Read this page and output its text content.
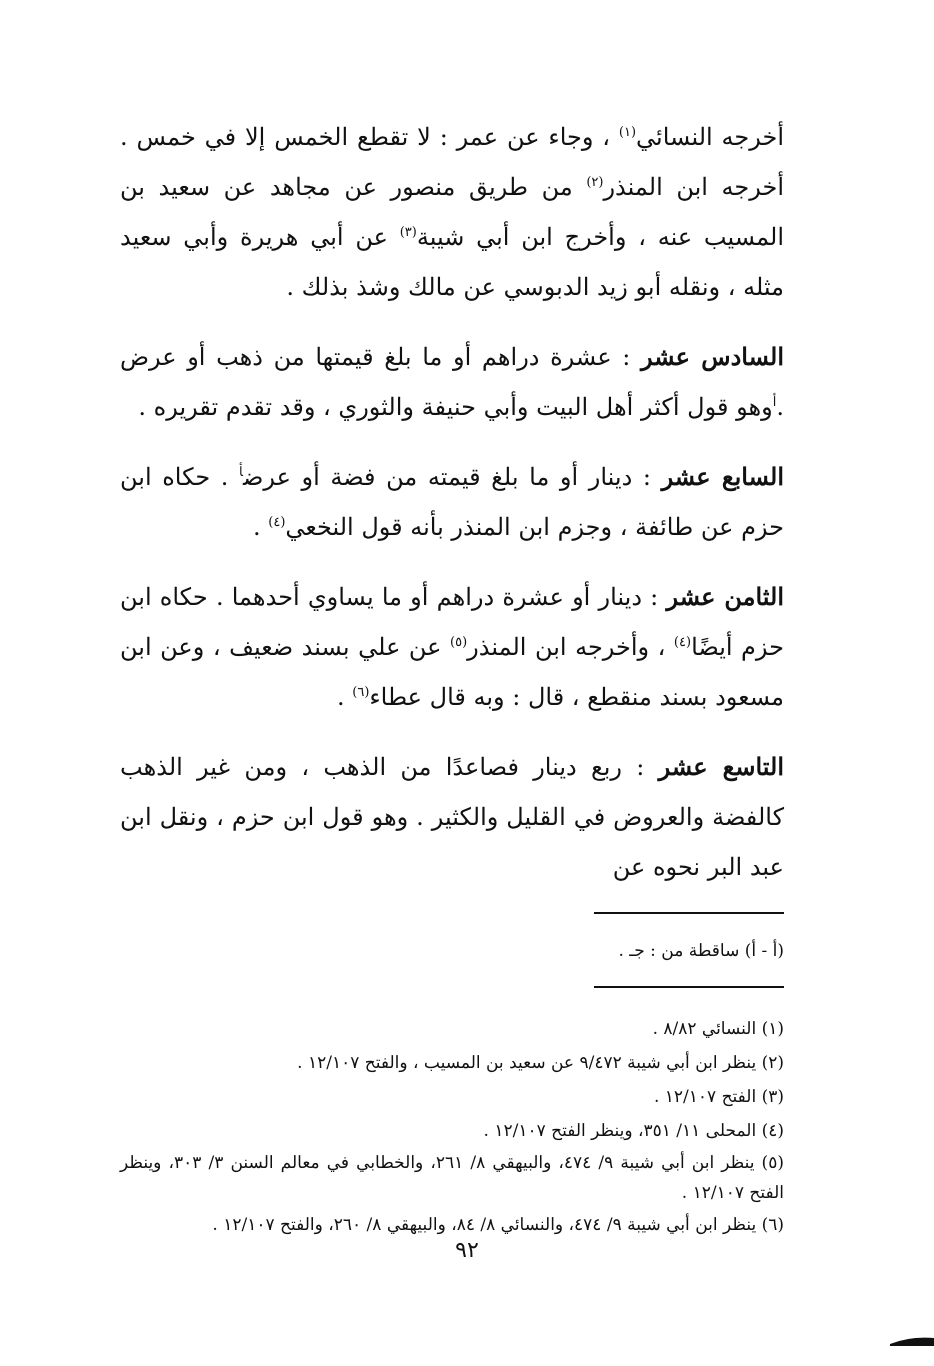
أخرجه النسائي$^{(١)}$ ، وجاء عن عمر : لا تقطع الخمس إلا في خمس . أخرجه ابن المنذر$^{(٢)}$ من طريق منصور عن مجاهد عن سعيد بن المسيب عنه ، وأخرج ابن أبي شيبة$^{(٣)}$ عن أبي هريرة وأبي سعيد مثله ، ونقله أبو زيد الدبوسي عن مالك وشذ بذلك .

السادس عشر : عشرة دراهم أو ما بلغ قيمتها من ذهب أو عرض .$^أ$وهو قول أكثر أهل البيت وأبي حنيفة والثوري ، وقد تقدم تقريره .

السابع عشر : دينار أو ما بلغ قيمته من فضة أو عرض$^أ$ . حكاه ابن حزم عن طائفة ، وجزم ابن المنذر بأنه قول النخعي$^{(٤)}$ .

الثامن عشر : دينار أو عشرة دراهم أو ما يساوي أحدهما . حكاه ابن حزم أيضًا$^{(٤)}$ ، وأخرجه ابن المنذر$^{(٥)}$ عن علي بسند ضعيف ، وعن ابن مسعود بسند منقطع ، قال : وبه قال عطاء$^{(٦)}$ .

التاسع عشر : ربع دينار فصاعدًا من الذهب ، ومن غير الذهب كالفضة والعروض في القليل والكثير . وهو قول ابن حزم ، ونقل ابن عبد البر نحوه عن

(أ - أ) ساقطة من : جـ .

(١) النسائي ٨/٨٢ .

(٢) ينظر ابن أبي شيبة ٩/٤٧٢ عن سعيد بن المسيب ، والفتح ١٢/١٠٧ .

(٣) الفتح ١٢/١٠٧ .

(٤) المحلى ١١/ ٣٥١، وينظر الفتح ١٢/١٠٧ .

(٥) ينظر ابن أبي شيبة ٩/ ٤٧٤، والبيهقي ٨/ ٢٦١، والخطابي في معالم السنن ٣/ ٣٠٣، وينظر الفتح ١٢/١٠٧ .

(٦) ينظر ابن أبي شيبة ٩/ ٤٧٤، والنسائي ٨/ ٨٤، والبيهقي ٨/ ٢٦٠، والفتح ١٢/١٠٧ .

٩٢
